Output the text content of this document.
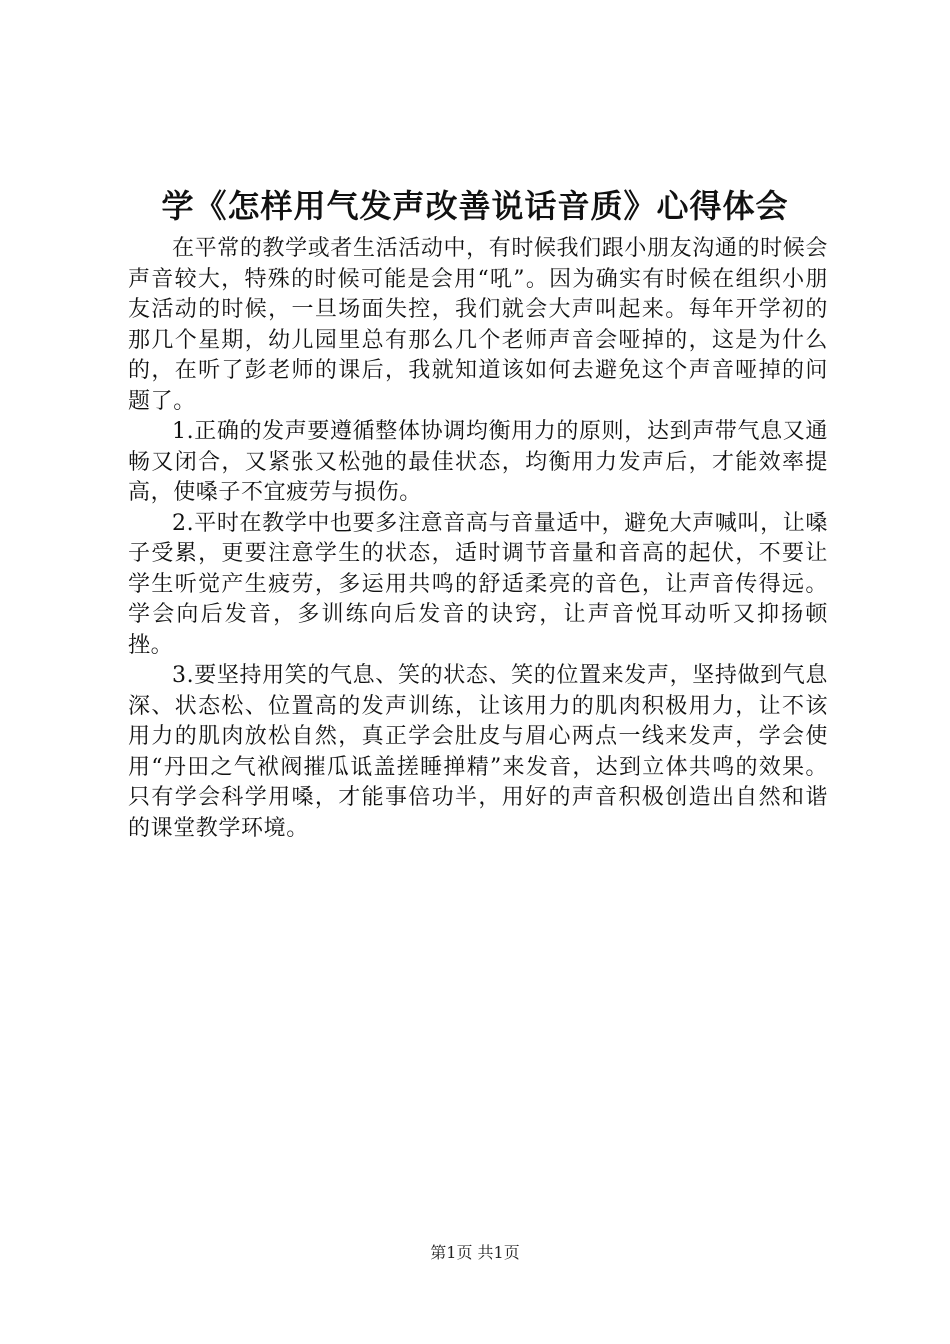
学《怎样用气发声改善说话音质》心得体会

在平常的教学或者生活活动中，有时候我们跟小朋友沟通的时候会声音较大，特殊的时候可能是会用“吼”。因为确实有时候在组织小朋友活动的时候，一旦场面失控，我们就会大声叫起来。每年开学初的那几个星期，幼儿园里总有那么几个老师声音会哑掉的，这是为什么的，在听了彭老师的课后，我就知道该如何去避免这个声音哑掉的问题了。

1.正确的发声要遵循整体协调均衡用力的原则，达到声带气息又通畅又闭合，又紧张又松弛的最佳状态，均衡用力发声后，才能效率提高，使嗓子不宜疲劳与损伤。

2.平时在教学中也要多注意音高与音量适中，避免大声喊叫，让嗓子受累，更要注意学生的状态，适时调节音量和音高的起伏，不要让学生听觉产生疲劳，多运用共鸣的舒适柔亮的音色，让声音传得远。学会向后发音，多训练向后发音的诀窍，让声音悦耳动听又抑扬顿挫。

3.要坚持用笑的气息、笑的状态、笑的位置来发声，坚持做到气息深、状态松、位置高的发声训练，让该用力的肌肉积极用力，让不该用力的肌肉放松自然，真正学会肚皮与眉心两点一线来发声，学会使用“丹田之气袱阀摧瓜诋盖搓睡掸精”来发音，达到立体共鸣的效果。只有学会科学用嗓，才能事倍功半，用好的声音积极创造出自然和谐的课堂教学环境。

第1页 共1页
